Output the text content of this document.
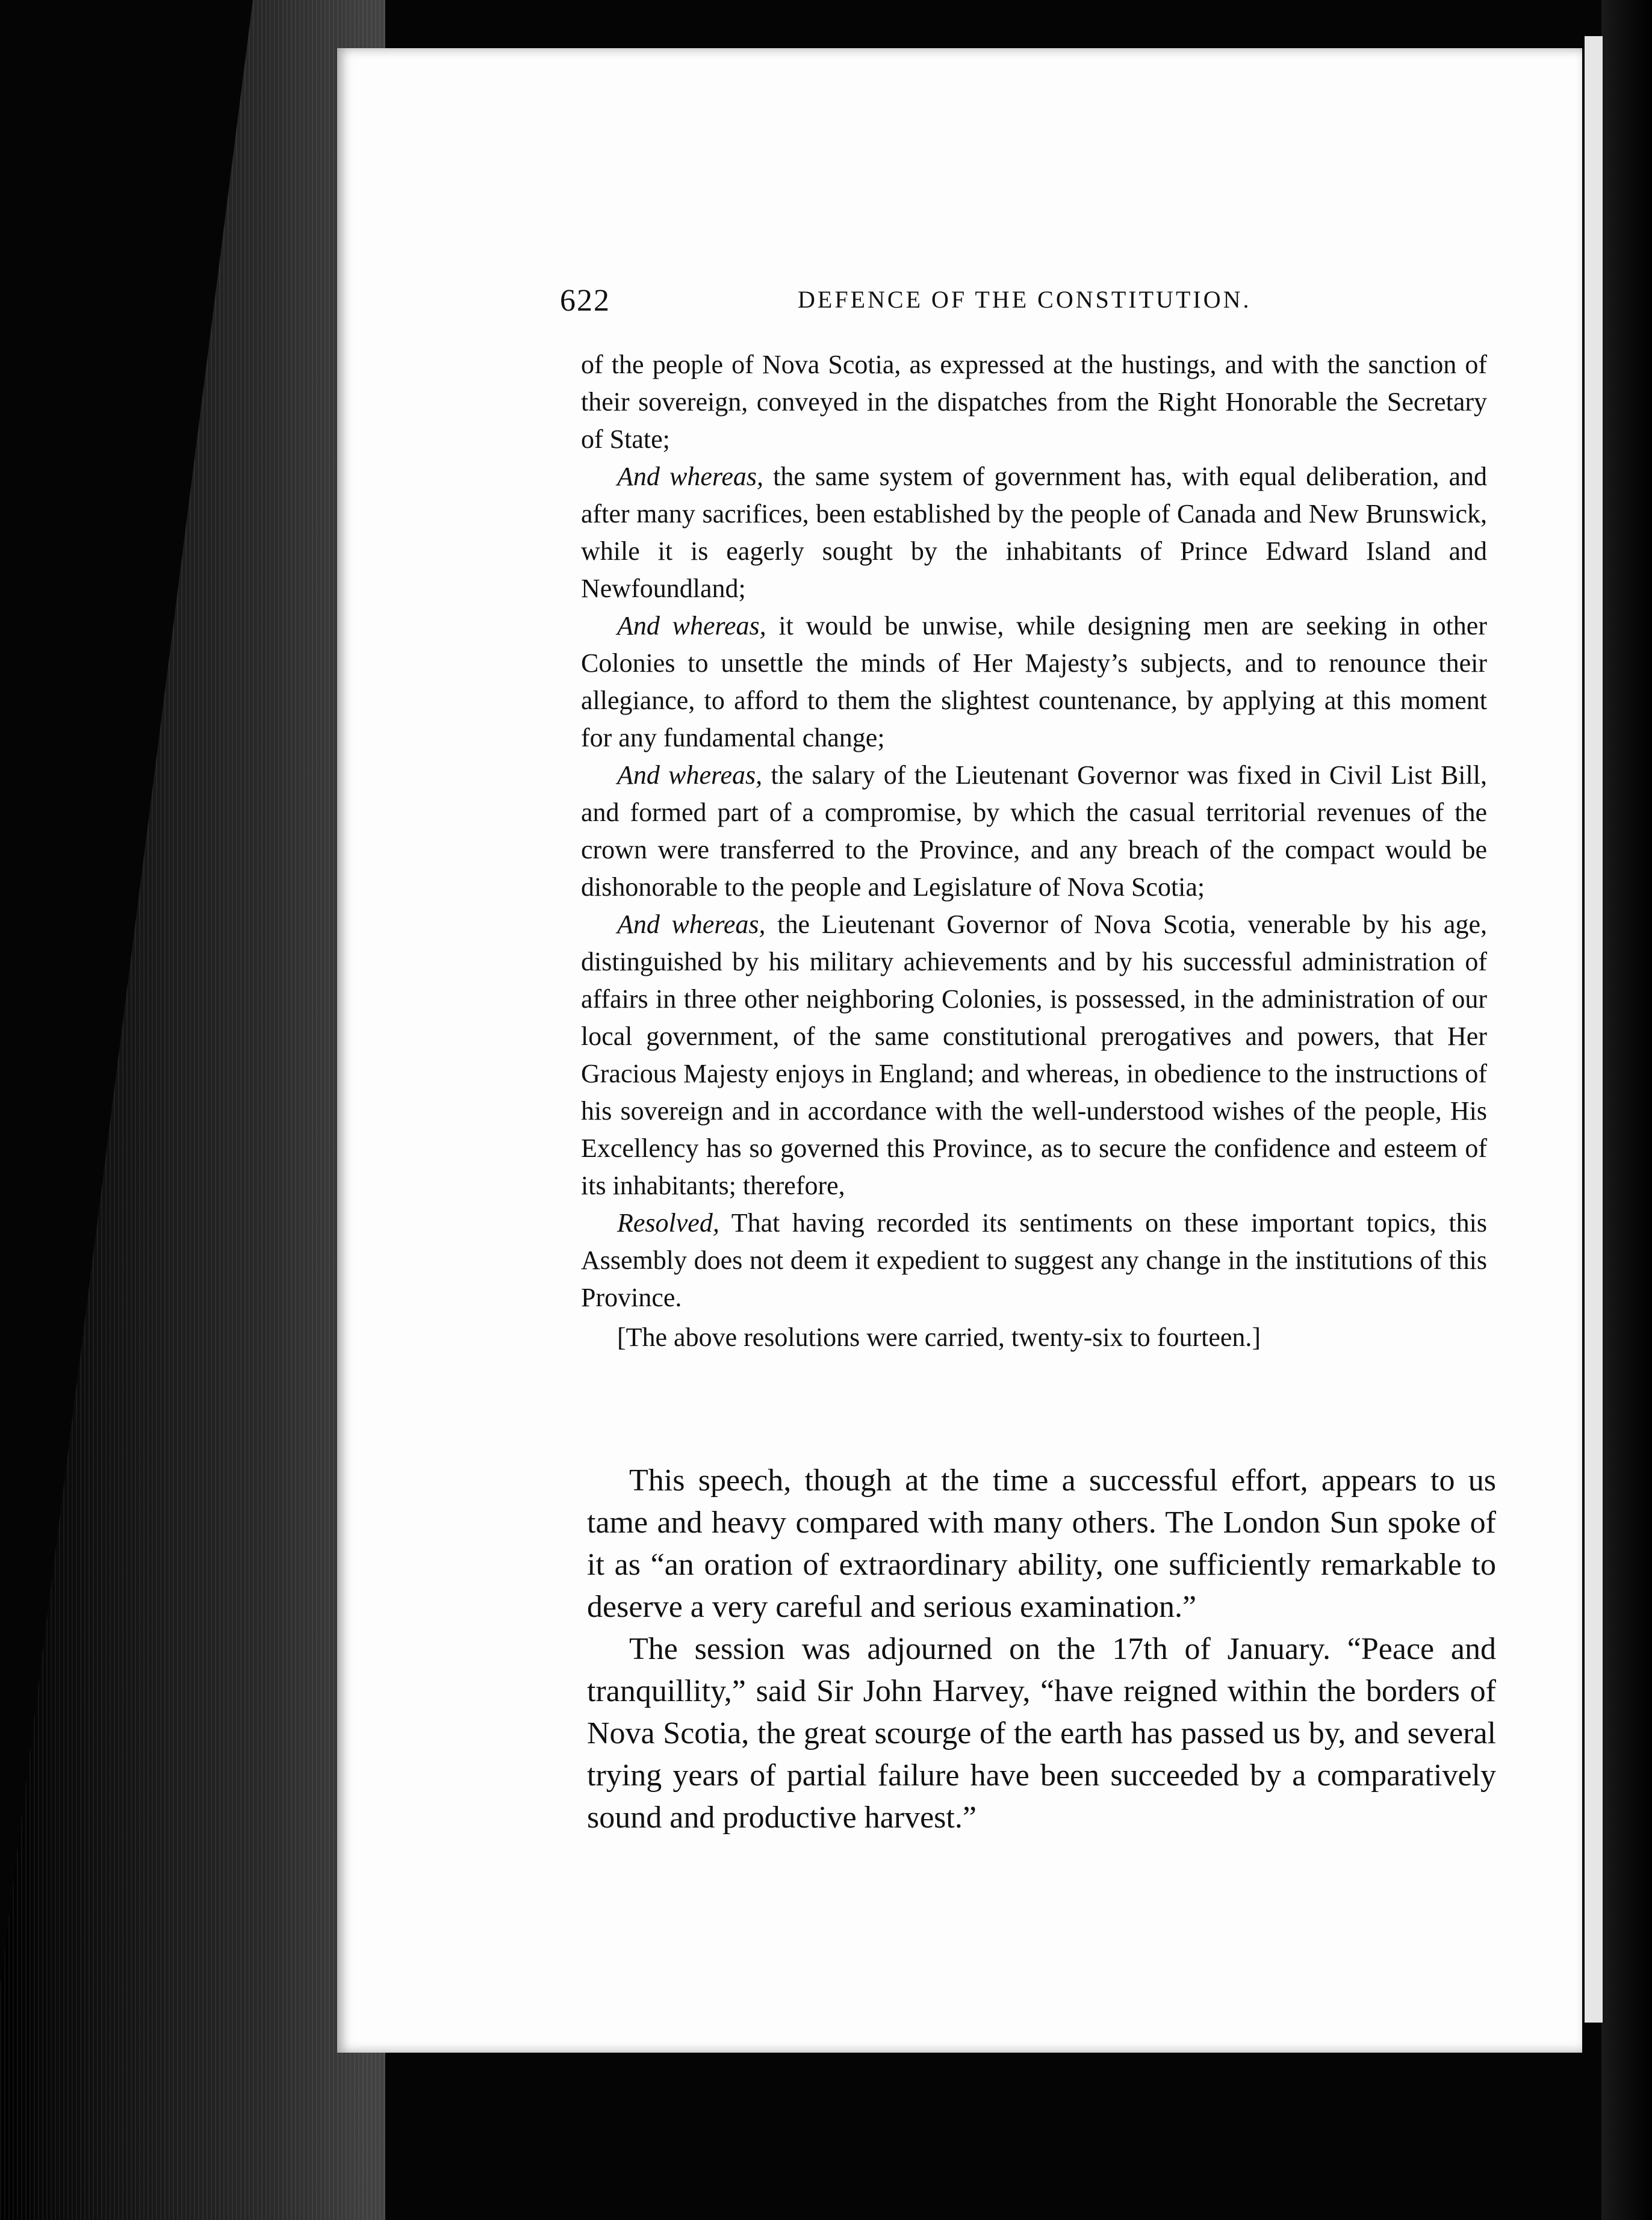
622	DEFENCE OF THE CONSTITUTION.

of the people of Nova Scotia, as expressed at the hustings, and with the sanction of their sovereign, conveyed in the dispatches from the Right Honorable the Secretary of State;

And whereas, the same system of government has, with equal deliberation, and after many sacrifices, been established by the people of Canada and New Brunswick, while it is eagerly sought by the inhabitants of Prince Edward Island and Newfoundland;

And whereas, it would be unwise, while designing men are seeking in other Colonies to unsettle the minds of Her Majesty’s subjects, and to renounce their allegiance, to afford to them the slightest countenance, by applying at this moment for any fundamental change;

And whereas, the salary of the Lieutenant Governor was fixed in Civil List Bill, and formed part of a compromise, by which the casual territorial revenues of the crown were transferred to the Province, and any breach of the compact would be dishonorable to the people and Legislature of Nova Scotia;

And whereas, the Lieutenant Governor of Nova Scotia, venerable by his age, distinguished by his military achievements and by his successful administration of affairs in three other neighboring Colonies, is possessed, in the administration of our local government, of the same constitutional prerogatives and powers, that Her Gracious Majesty enjoys in England; and whereas, in obedience to the instructions of his sovereign and in accordance with the well-understood wishes of the people, His Excellency has so governed this Province, as to secure the confidence and esteem of its inhabitants; therefore,

Resolved, That having recorded its sentiments on these important topics, this Assembly does not deem it expedient to suggest any change in the institutions of this Province.

[The above resolutions were carried, twenty-six to fourteen.]

This speech, though at the time a successful effort, appears to us tame and heavy compared with many others. The London Sun spoke of it as “an oration of extraordinary ability, one sufficiently remarkable to deserve a very careful and serious examination.”

The session was adjourned on the 17th of January. “Peace and tranquillity,” said Sir John Harvey, “have reigned within the borders of Nova Scotia, the great scourge of the earth has passed us by, and several trying years of partial failure have been succeeded by a comparatively sound and productive harvest.”
